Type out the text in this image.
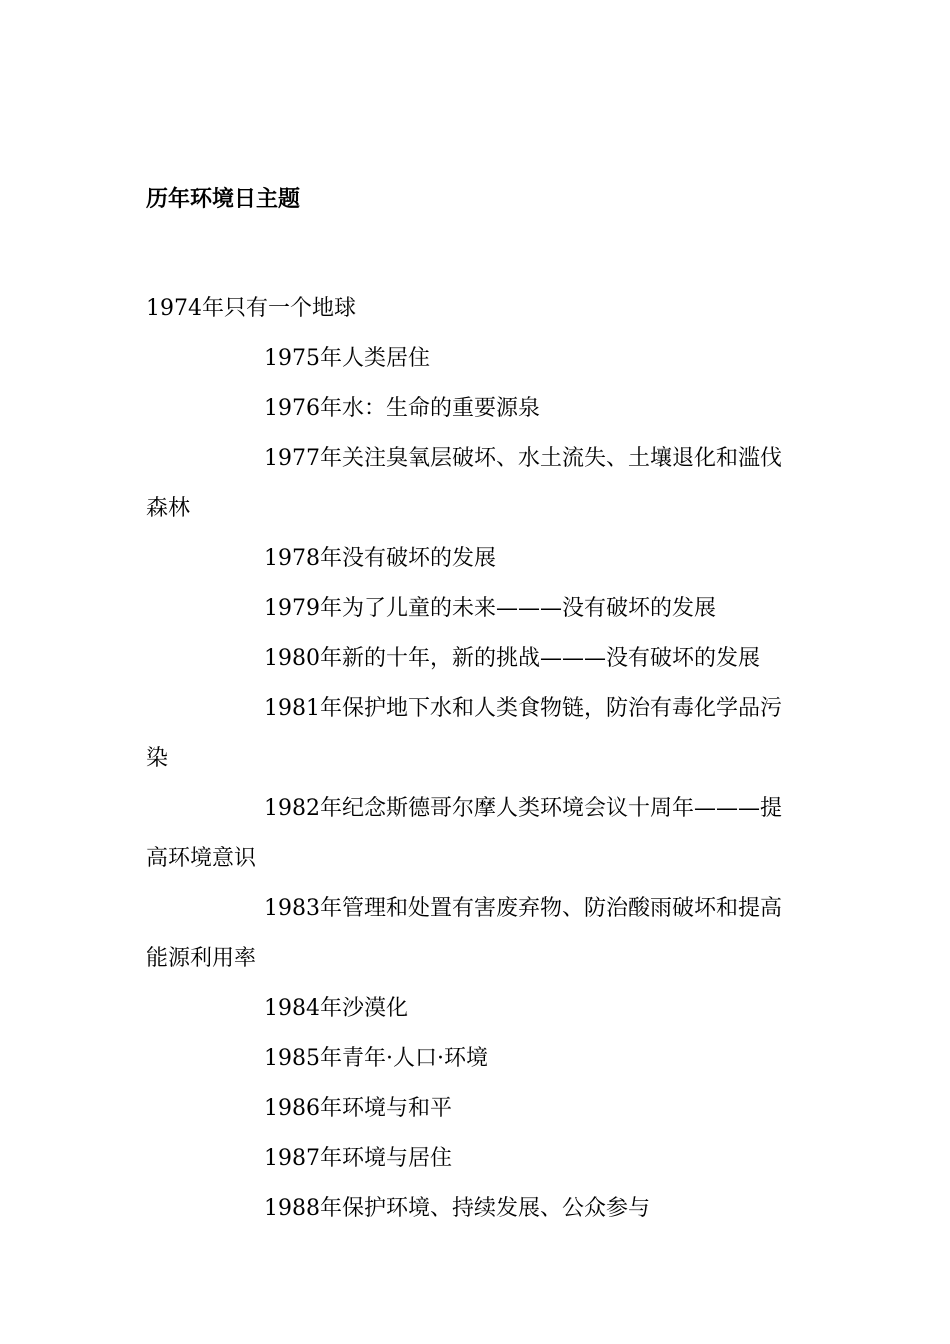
历年环境日主题

1974年只有一个地球

1975年人类居住

1976年水：生命的重要源泉

1977年关注臭氧层破坏、水土流失、土壤退化和滥伐森林

1978年没有破坏的发展

1979年为了儿童的未来———没有破坏的发展

1980年新的十年，新的挑战———没有破坏的发展

1981年保护地下水和人类食物链，防治有毒化学品污染

1982年纪念斯德哥尔摩人类环境会议十周年———提高环境意识

1983年管理和处置有害废弃物、防治酸雨破坏和提高能源利用率

1984年沙漠化

1985年青年·人口·环境

1986年环境与和平

1987年环境与居住

1988年保护环境、持续发展、公众参与
